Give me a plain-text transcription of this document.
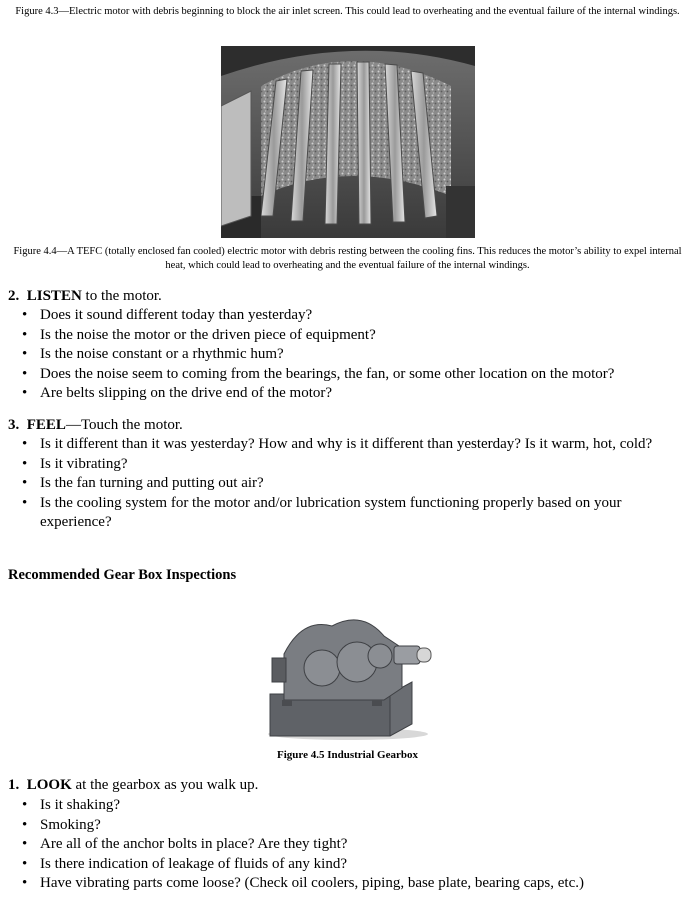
Figure 4.3—Electric motor with debris beginning to block the air inlet screen. This could lead to overheating and the eventual failure of the internal windings.
Figure 4.4—A TEFC (totally enclosed fan cooled) electric motor with debris resting between the cooling fins. This reduces the motor’s ability to expel internal heat, which could lead to overheating and the eventual failure of the internal windings.
2. LISTEN to the motor.
• Does it sound different today than yesterday?
• Is the noise the motor or the driven piece of equipment?
• Is the noise constant or a rhythmic hum?
• Does the noise seem to coming from the bearings, the fan, or some other location on the motor?
• Are belts slipping on the drive end of the motor?
3. FEEL—Touch the motor.
• Is it different than it was yesterday? How and why is it different than yesterday? Is it warm, hot, cold?
• Is it vibrating?
• Is the fan turning and putting out air?
• Is the cooling system for the motor and/or lubrication system functioning properly based on your experience?
Recommended Gear Box Inspections
Figure 4.5 Industrial Gearbox
1. LOOK at the gearbox as you walk up.
• Is it shaking?
• Smoking?
• Are all of the anchor bolts in place? Are they tight?
• Is there indication of leakage of fluids of any kind?
• Have vibrating parts come loose? (Check oil coolers, piping, base plate, bearing caps, etc.)
